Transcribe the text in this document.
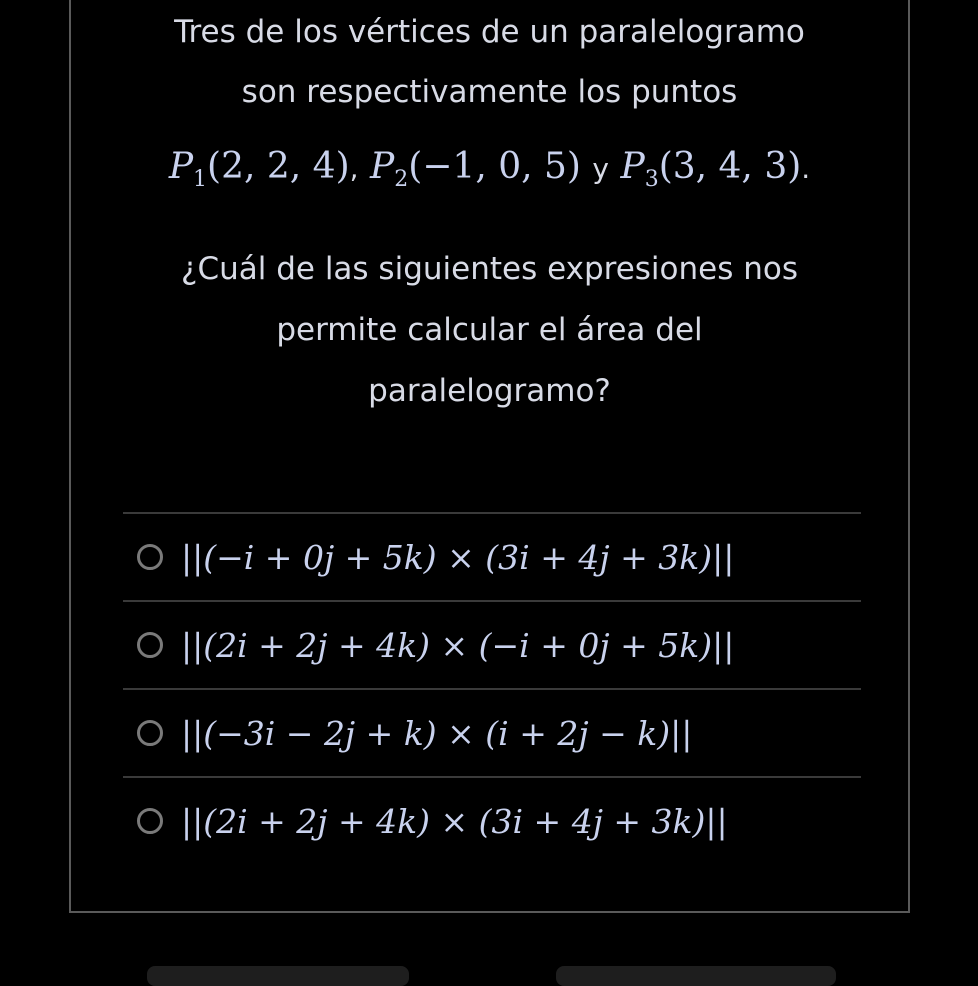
Tres de los vértices de un paralelogramo
son respectivamente los puntos
$P_1(2$, 2, 4), $P_2(-1$, 0, 5) y $P_3(3$, 4, 3).
¿Cuál de las siguientes expresiones nos
permite calcular el área del
paralelogramo?
||(−i + 0j + 5k) × (3i + 4j + 3k)||
||(2i + 2j + 4k) × (−i + 0j + 5k)||
||(−3i − 2j + k) × (i + 2j − k)||
||(2i + 2j + 4k) × (3i + 4j + 3k)||
